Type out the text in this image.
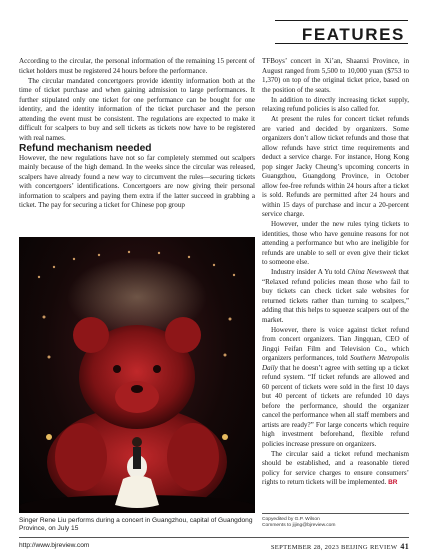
FEATURES

According to the circular, the personal information of the remaining 15 percent of ticket holders must be registered 24 hours before the performance.

The circular mandated concertgoers provide identity information both at the time of ticket purchase and when gaining admission to large performances. It further stipulated only one ticket for one performance can be bought for one identity, and the identity information of the ticket purchaser and the person attending the event must be consistent. The regulations are expected to make it difficult for scalpers to buy and sell tickets as tickets now have to be registered with real names.

Refund mechanism needed

However, the new regulations have not so far completely stemmed out scalpers mainly because of the high demand. In the weeks since the circular was released, scalpers have already found a new way to circumvent the rules—securing tickets with concertgoers’ identifications. Concertgoers are now giving their personal information to scalpers and paying them extra if the latter succeed in grabbing a ticket. The pay for securing a ticket for Chinese pop group

Singer Rene Liu performs during a concert in Guangzhou, capital of Guangdong Province, on July 15

TFBoys’ concert in Xi’an, Shaanxi Province, in August ranged from 5,500 to 10,000 yuan ($753 to 1,370) on top of the original ticket price, based on the position of the seats.

In addition to directly increasing ticket supply, relaxing refund policies is also called for.

At present the rules for concert ticket refunds are varied and decided by organizers. Some organizers don’t allow ticket refunds and those that allow refunds have strict time requirements and deduct a service charge. For instance, Hong Kong pop singer Jacky Cheung’s upcoming concerts in Guangzhou, Guangdong Province, in October allow fee-free refunds within 24 hours after a ticket is sold. Refunds are permitted after 24 hours and within 15 days of purchase and incur a 20-percent service charge.

However, under the new rules tying tickets to identities, those who have genuine reasons for not attending a performance but who are ineligible for refunds are unable to sell or even give their ticket to someone else.

Industry insider A Yu told China Newsweek that “Relaxed refund policies mean those who fail to buy tickets can check ticket sale websites for returned tickets rather than turning to scalpers,” adding that this helps to squeeze scalpers out of the market.

However, there is voice against ticket refund from concert organizers. Tian Jingquan, CEO of Jingqi Feifan Film and Television Co., which organizers performances, told Southern Metropolis Daily that he doesn’t agree with setting up a ticket refund system. “If ticket refunds are allowed and 60 percent of tickets were sold in the first 10 days but 40 percent of tickets are refunded 10 days before the performance, should the organizer cancel the performance when all staff members and artists are ready?” For large concerts which require high investment beforehand, flexible refund policies increase pressure on organizers.

The circular said a ticket refund mechanism should be established, and a reasonable tiered policy for service charges to ensure consumers’ rights to return tickets will be implemented. BR

Copyedited by G.P. Wilson
Comments to jijing@bjreview.com
http://www.bjreview.com	SEPTEMBER 28, 2023 BEIJING REVIEW 41
